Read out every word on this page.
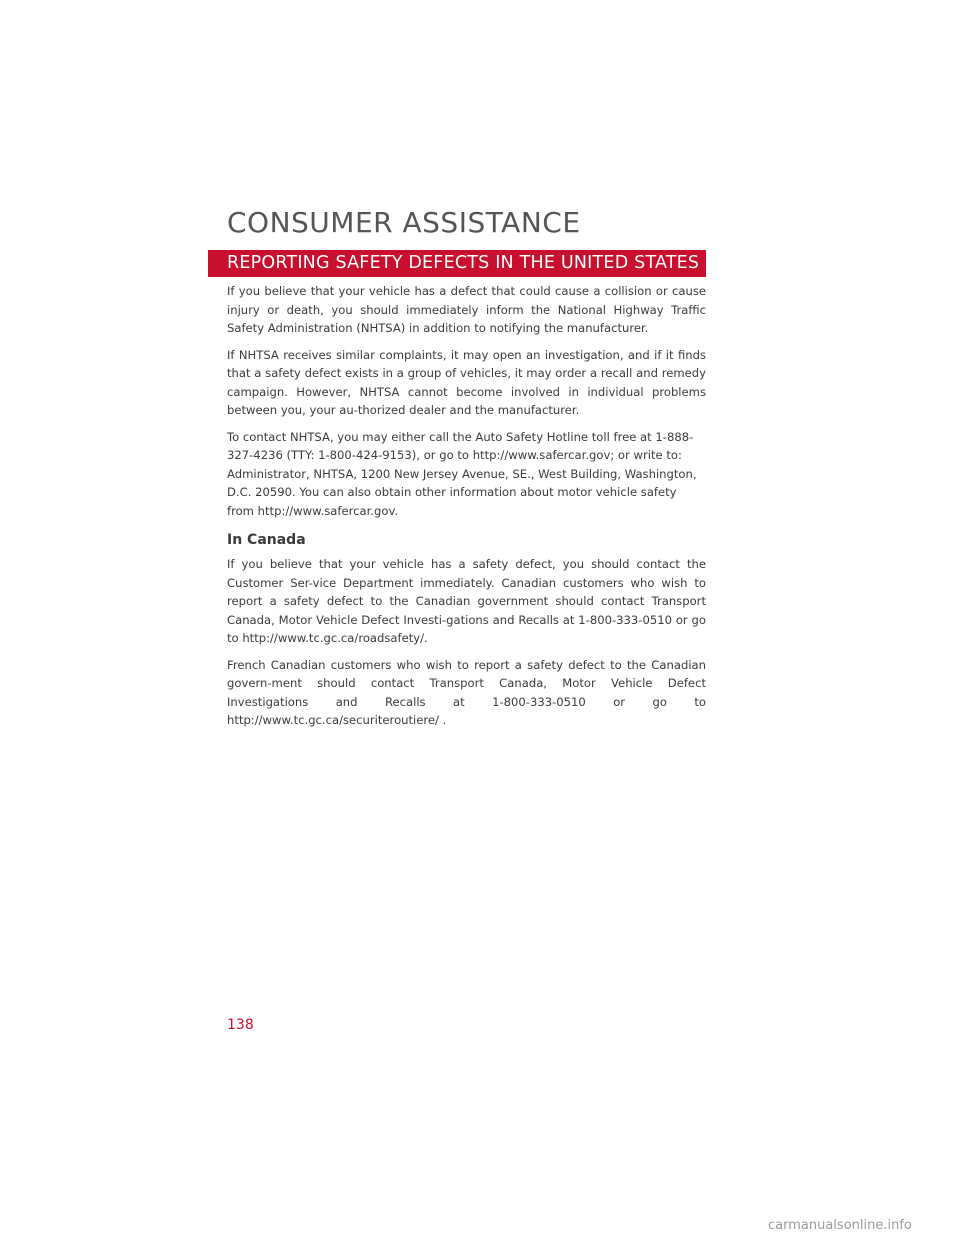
CONSUMER ASSISTANCE
REPORTING SAFETY DEFECTS IN THE UNITED STATES

If you believe that your vehicle has a defect that could cause a collision or cause injury or death, you should immediately inform the National Highway Traffic Safety Administration (NHTSA) in addition to notifying the manufacturer.

If NHTSA receives similar complaints, it may open an investigation, and if it finds that a safety defect exists in a group of vehicles, it may order a recall and remedy campaign. However, NHTSA cannot become involved in individual problems between you, your au-thorized dealer and the manufacturer.

To contact NHTSA, you may either call the Auto Safety Hotline toll free at 1-888-327-4236 (TTY: 1-800-424-9153), or go to http://www.safercar.gov; or write to: Administrator, NHTSA, 1200 New Jersey Avenue, SE., West Building, Washington, D.C. 20590. You can also obtain other information about motor vehicle safety from http://www.safercar.gov.

In Canada

If you believe that your vehicle has a safety defect, you should contact the Customer Ser-vice Department immediately. Canadian customers who wish to report a safety defect to the Canadian government should contact Transport Canada, Motor Vehicle Defect Investi-gations and Recalls at 1-800-333-0510 or go to http://www.tc.gc.ca/roadsafety/.

French Canadian customers who wish to report a safety defect to the Canadian govern-ment should contact Transport Canada, Motor Vehicle Defect Investigations and Recalls at 1-800-333-0510 or go to http://www.tc.gc.ca/securiteroutiere/ .

138
carmanualsonline.info
